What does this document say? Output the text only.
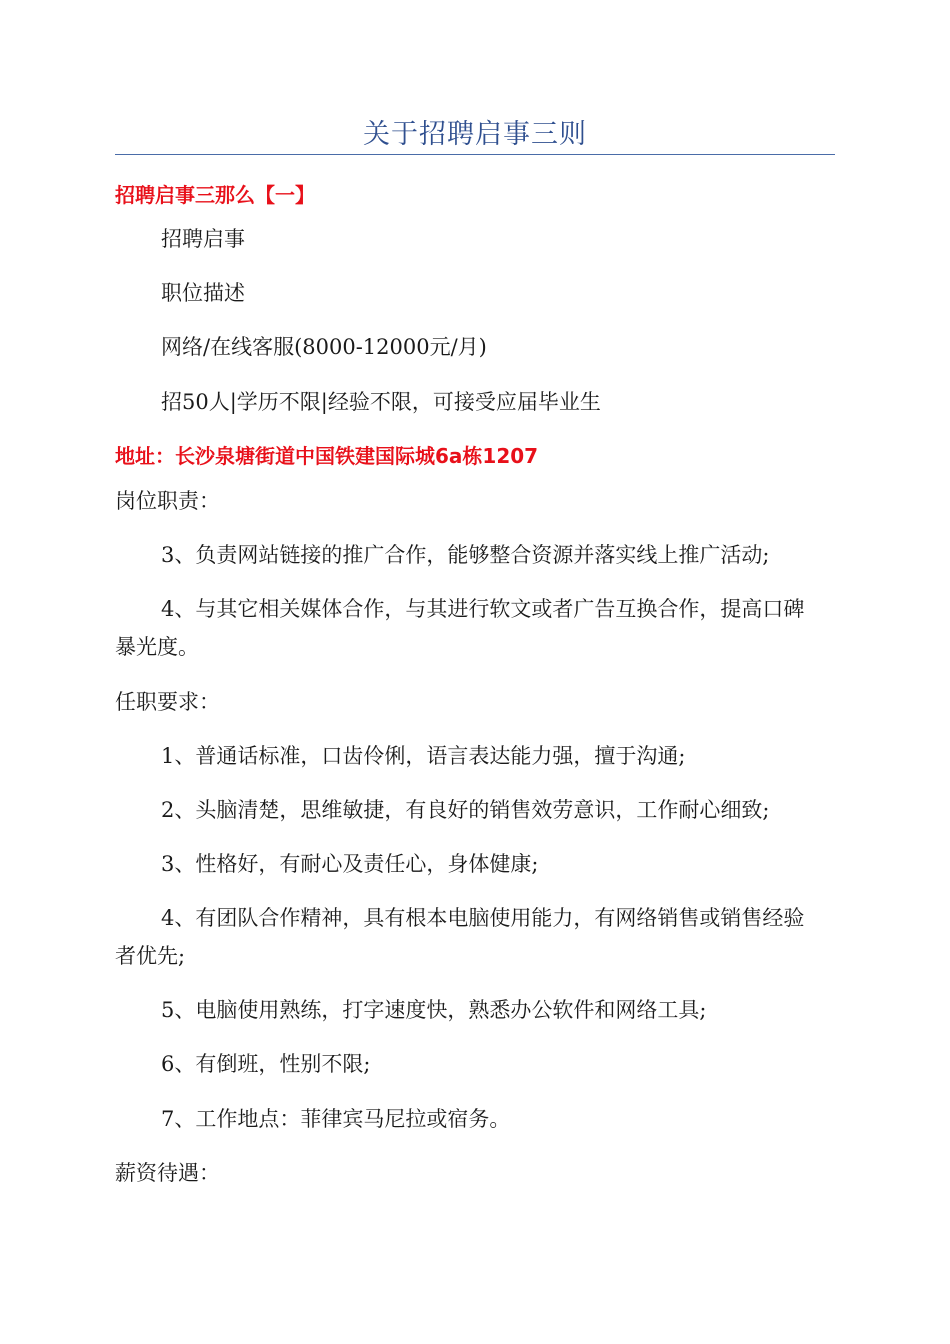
关于招聘启事三则
招聘启事三那么【一】
招聘启事
职位描述
网络/在线客服(8000-12000元/月)
招50人|学历不限|经验不限，可接受应届毕业生
地址：长沙泉塘街道中国铁建国际城6a栋1207
岗位职责：
3、负责网站链接的推广合作，能够整合资源并落实线上推广活动;
4、与其它相关媒体合作，与其进行软文或者广告互换合作，提高口碑暴光度。
任职要求：
1、普通话标准，口齿伶俐，语言表达能力强，擅于沟通;
2、头脑清楚，思维敏捷，有良好的销售效劳意识，工作耐心细致;
3、性格好，有耐心及责任心，身体健康;
4、有团队合作精神，具有根本电脑使用能力，有网络销售或销售经验者优先;
5、电脑使用熟练，打字速度快，熟悉办公软件和网络工具;
6、有倒班，性别不限;
7、工作地点：菲律宾马尼拉或宿务。
薪资待遇：
